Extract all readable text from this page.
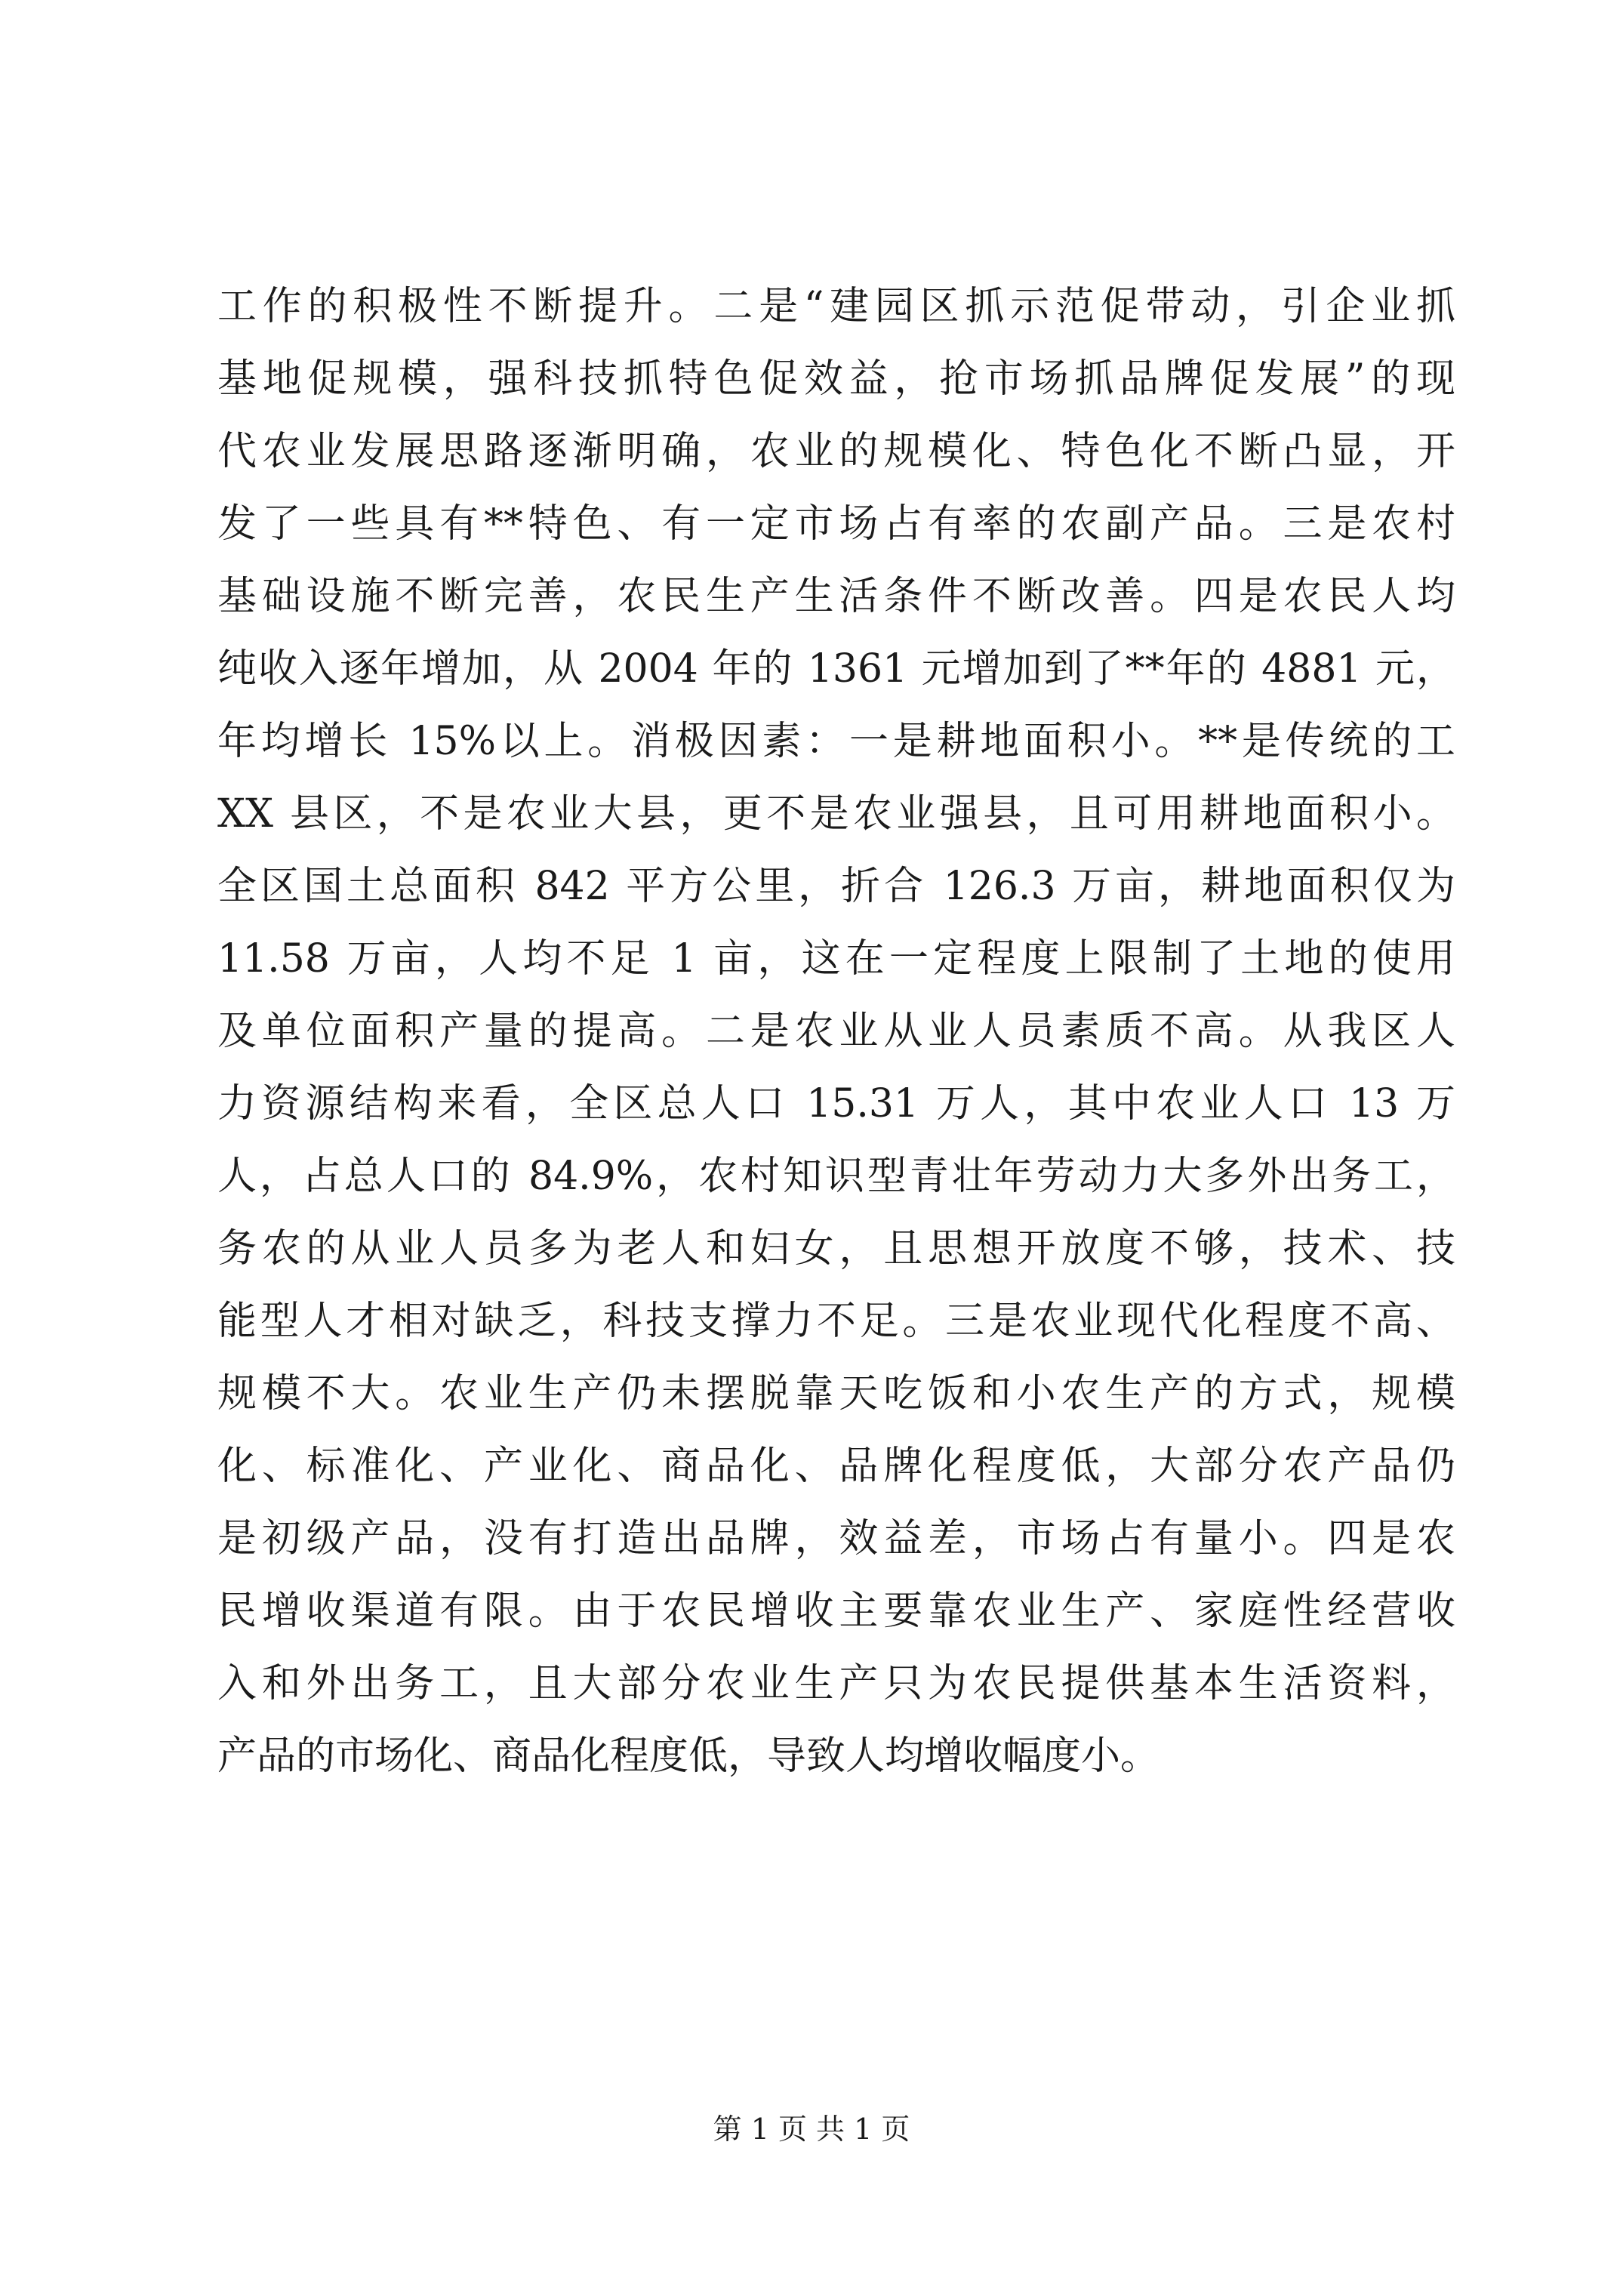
工作的积极性不断提升。二是“建园区抓示范促带动，引企业抓
基地促规模，强科技抓特色促效益，抢市场抓品牌促发展”的现
代农业发展思路逐渐明确，农业的规模化、特色化不断凸显，开
发了一些具有**特色、有一定市场占有率的农副产品。三是农村
基础设施不断完善，农民生产生活条件不断改善。四是农民人均
纯收入逐年增加，从 2004 年的 1361 元增加到了**年的 4881 元，
年均增长 15%以上。消极因素：一是耕地面积小。**是传统的工
XX 县区，不是农业大县，更不是农业强县，且可用耕地面积小。
全区国土总面积 842 平方公里，折合 126.3 万亩，耕地面积仅为
11.58 万亩，人均不足 1 亩，这在一定程度上限制了土地的使用
及单位面积产量的提高。二是农业从业人员素质不高。从我区人
力资源结构来看，全区总人口 15.31 万人，其中农业人口 13 万
人，占总人口的 84.9%，农村知识型青壮年劳动力大多外出务工，
务农的从业人员多为老人和妇女，且思想开放度不够，技术、技
能型人才相对缺乏，科技支撑力不足。三是农业现代化程度不高、
规模不大。农业生产仍未摆脱靠天吃饭和小农生产的方式，规模
化、标准化、产业化、商品化、品牌化程度低，大部分农产品仍
是初级产品，没有打造出品牌，效益差，市场占有量小。四是农
民增收渠道有限。由于农民增收主要靠农业生产、家庭性经营收
入和外出务工，且大部分农业生产只为农民提供基本生活资料，
产品的市场化、商品化程度低，导致人均增收幅度小。
第 1 页 共 1 页
